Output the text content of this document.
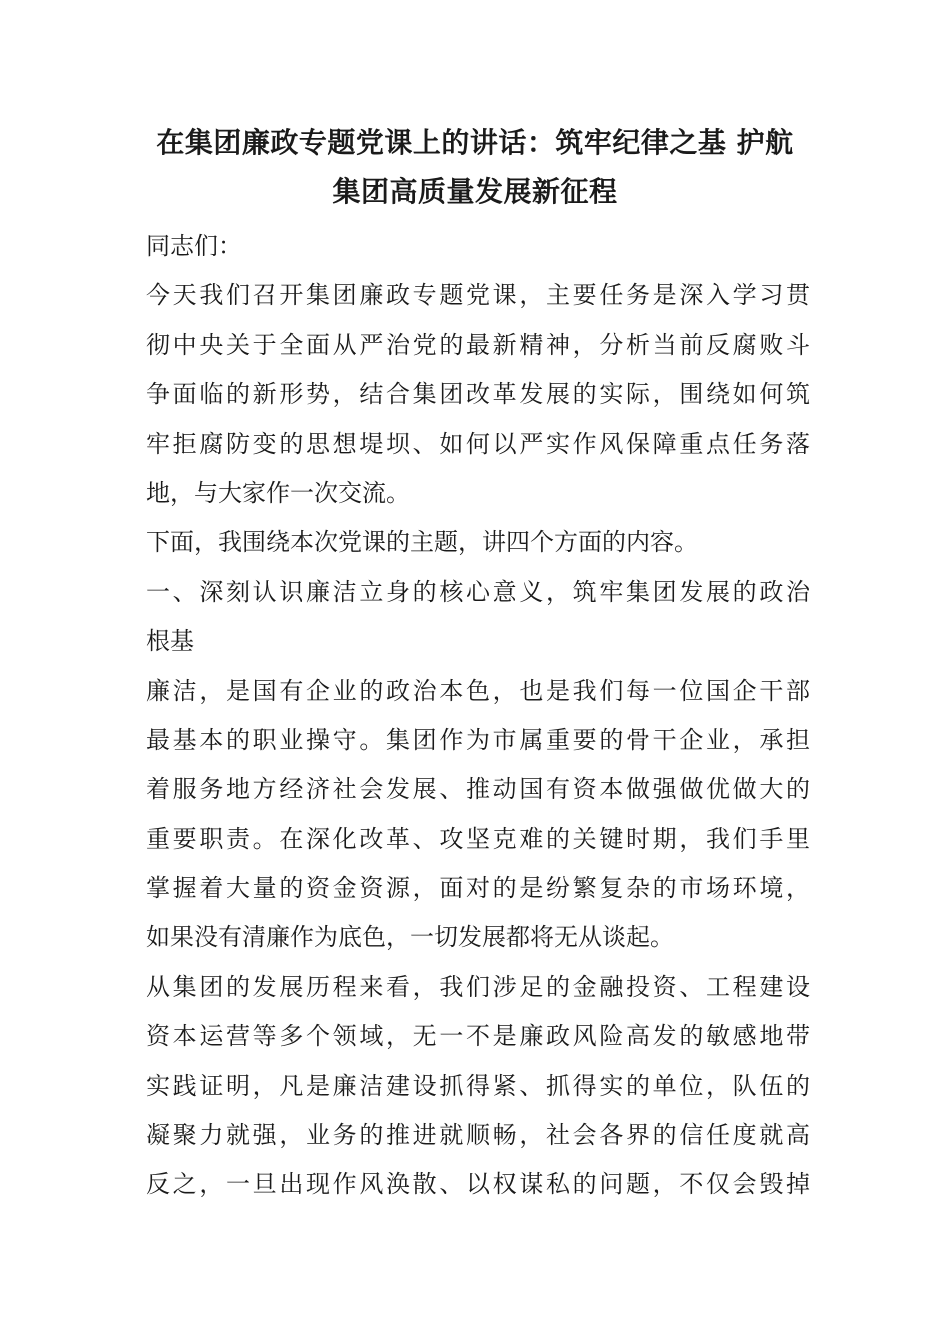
在集团廉政专题党课上的讲话：筑牢纪律之基 护航
集团高质量发展新征程
同志们：
今天我们召开集团廉政专题党课，主要任务是深入学习贯
彻中央关于全面从严治党的最新精神，分析当前反腐败斗
争面临的新形势，结合集团改革发展的实际，围绕如何筑
牢拒腐防变的思想堤坝、如何以严实作风保障重点任务落
地，与大家作一次交流。
下面，我围绕本次党课的主题，讲四个方面的内容。
一、深刻认识廉洁立身的核心意义，筑牢集团发展的政治
根基
廉洁，是国有企业的政治本色，也是我们每一位国企干部
最基本的职业操守。集团作为市属重要的骨干企业，承担
着服务地方经济社会发展、推动国有资本做强做优做大的
重要职责。在深化改革、攻坚克难的关键时期，我们手里
掌握着大量的资金资源，面对的是纷繁复杂的市场环境，
如果没有清廉作为底色，一切发展都将无从谈起。
从集团的发展历程来看，我们涉足的金融投资、工程建设
资本运营等多个领域，无一不是廉政风险高发的敏感地带
实践证明，凡是廉洁建设抓得紧、抓得实的单位，队伍的
凝聚力就强，业务的推进就顺畅，社会各界的信任度就高
反之，一旦出现作风涣散、以权谋私的问题，不仅会毁掉
